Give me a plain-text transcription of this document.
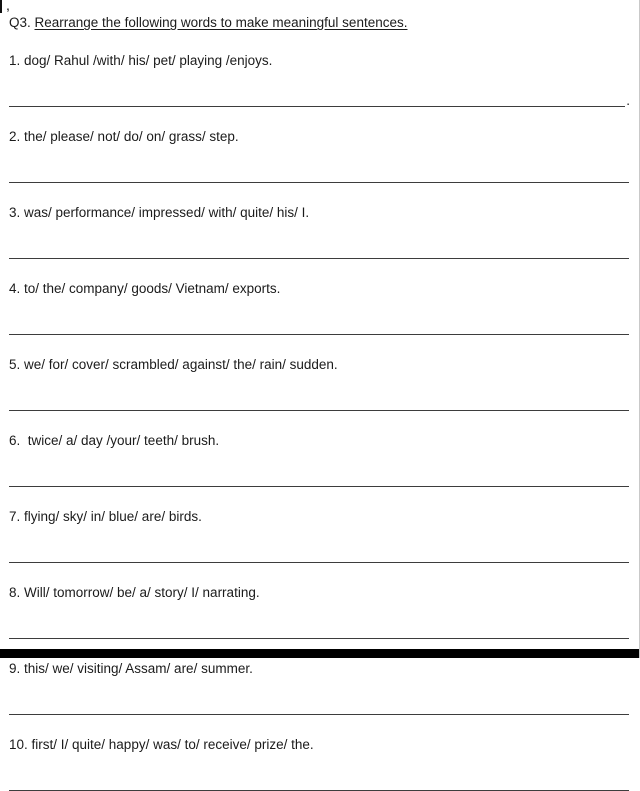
,
Q3. Rearrange the following words to make meaningful sentences.
1. dog/ Rahul /with/ his/ pet/ playing /enjoys.
.
2. the/ please/ not/ do/ on/ grass/ step.
3. was/ performance/ impressed/ with/ quite/ his/ I.
4. to/ the/ company/ goods/ Vietnam/ exports.
5. we/ for/ cover/ scrambled/ against/ the/ rain/ sudden.
6.  twice/ a/ day /your/ teeth/ brush.
7. flying/ sky/ in/ blue/ are/ birds.
8. Will/ tomorrow/ be/ a/ story/ I/ narrating.
9. this/ we/ visiting/ Assam/ are/ summer.
10. first/ I/ quite/ happy/ was/ to/ receive/ prize/ the.
